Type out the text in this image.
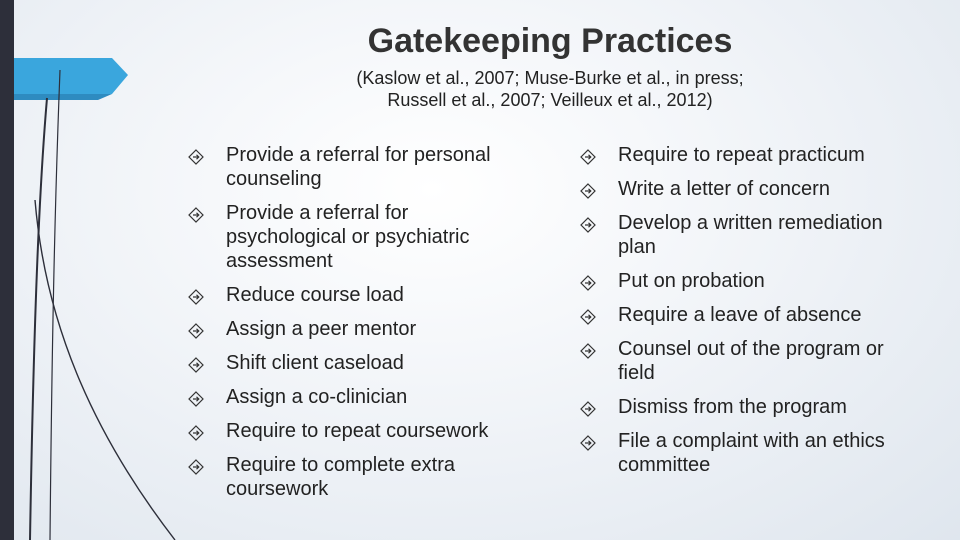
Gatekeeping Practices
(Kaslow et al., 2007; Muse-Burke et al., in press;
Russell et al., 2007; Veilleux et al., 2012)
Provide a referral for personal
counseling
Provide a referral for
psychological or psychiatric
assessment
Reduce course load
Assign a peer mentor
Shift client caseload
Assign a co-clinician
Require to repeat coursework
Require to complete extra
coursework
Require to repeat practicum
Write a letter of concern
Develop a written remediation
plan
Put on probation
Require a leave of absence
Counsel out of the program or
field
Dismiss from the program
File a complaint with an ethics
committee
